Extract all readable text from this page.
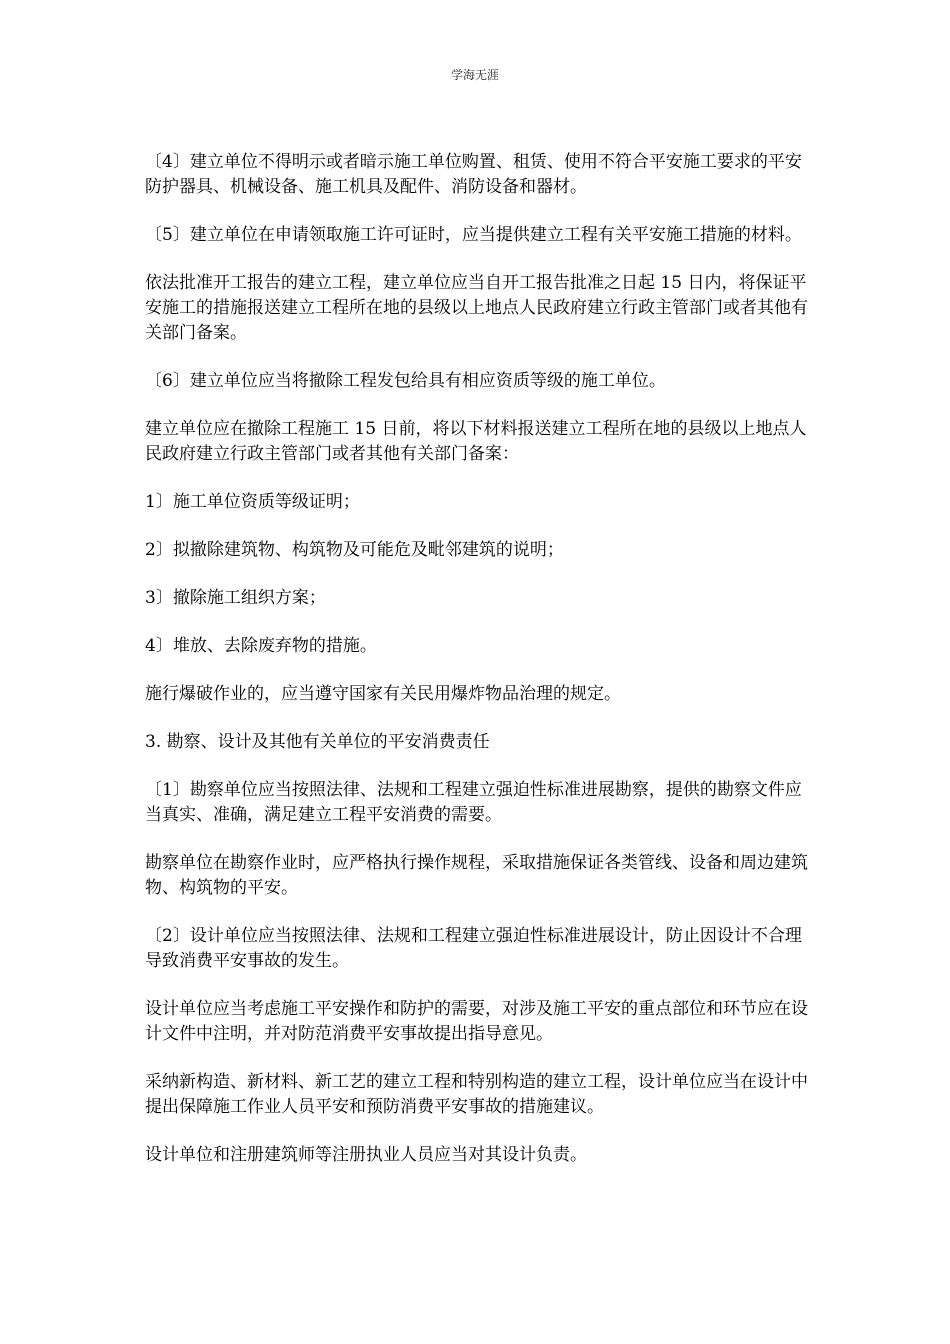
学海无涯

〔4〕建立单位不得明示或者暗示施工单位购置、租赁、使用不符合平安施工要求的平安防护器具、机械设备、施工机具及配件、消防设备和器材。

〔5〕建立单位在申请领取施工许可证时，应当提供建立工程有关平安施工措施的材料。

依法批准开工报告的建立工程，建立单位应当自开工报告批准之日起 15 日内，将保证平安施工的措施报送建立工程所在地的县级以上地点人民政府建立行政主管部门或者其他有关部门备案。

〔6〕建立单位应当将撤除工程发包给具有相应资质等级的施工单位。

建立单位应在撤除工程施工 15 日前，将以下材料报送建立工程所在地的县级以上地点人民政府建立行政主管部门或者其他有关部门备案：

1〕施工单位资质等级证明；

2〕拟撤除建筑物、构筑物及可能危及毗邻建筑的说明；

3〕撤除施工组织方案；

4〕堆放、去除废弃物的措施。

施行爆破作业的，应当遵守国家有关民用爆炸物品治理的规定。

3. 勘察、设计及其他有关单位的平安消费责任

〔1〕勘察单位应当按照法律、法规和工程建立强迫性标准进展勘察，提供的勘察文件应当真实、准确，满足建立工程平安消费的需要。

勘察单位在勘察作业时，应严格执行操作规程，采取措施保证各类管线、设备和周边建筑物、构筑物的平安。

〔2〕设计单位应当按照法律、法规和工程建立强迫性标准进展设计，防止因设计不合理导致消费平安事故的发生。

设计单位应当考虑施工平安操作和防护的需要，对涉及施工平安的重点部位和环节应在设计文件中注明，并对防范消费平安事故提出指导意见。

采纳新构造、新材料、新工艺的建立工程和特别构造的建立工程，设计单位应当在设计中提出保障施工作业人员平安和预防消费平安事故的措施建议。

设计单位和注册建筑师等注册执业人员应当对其设计负责。
